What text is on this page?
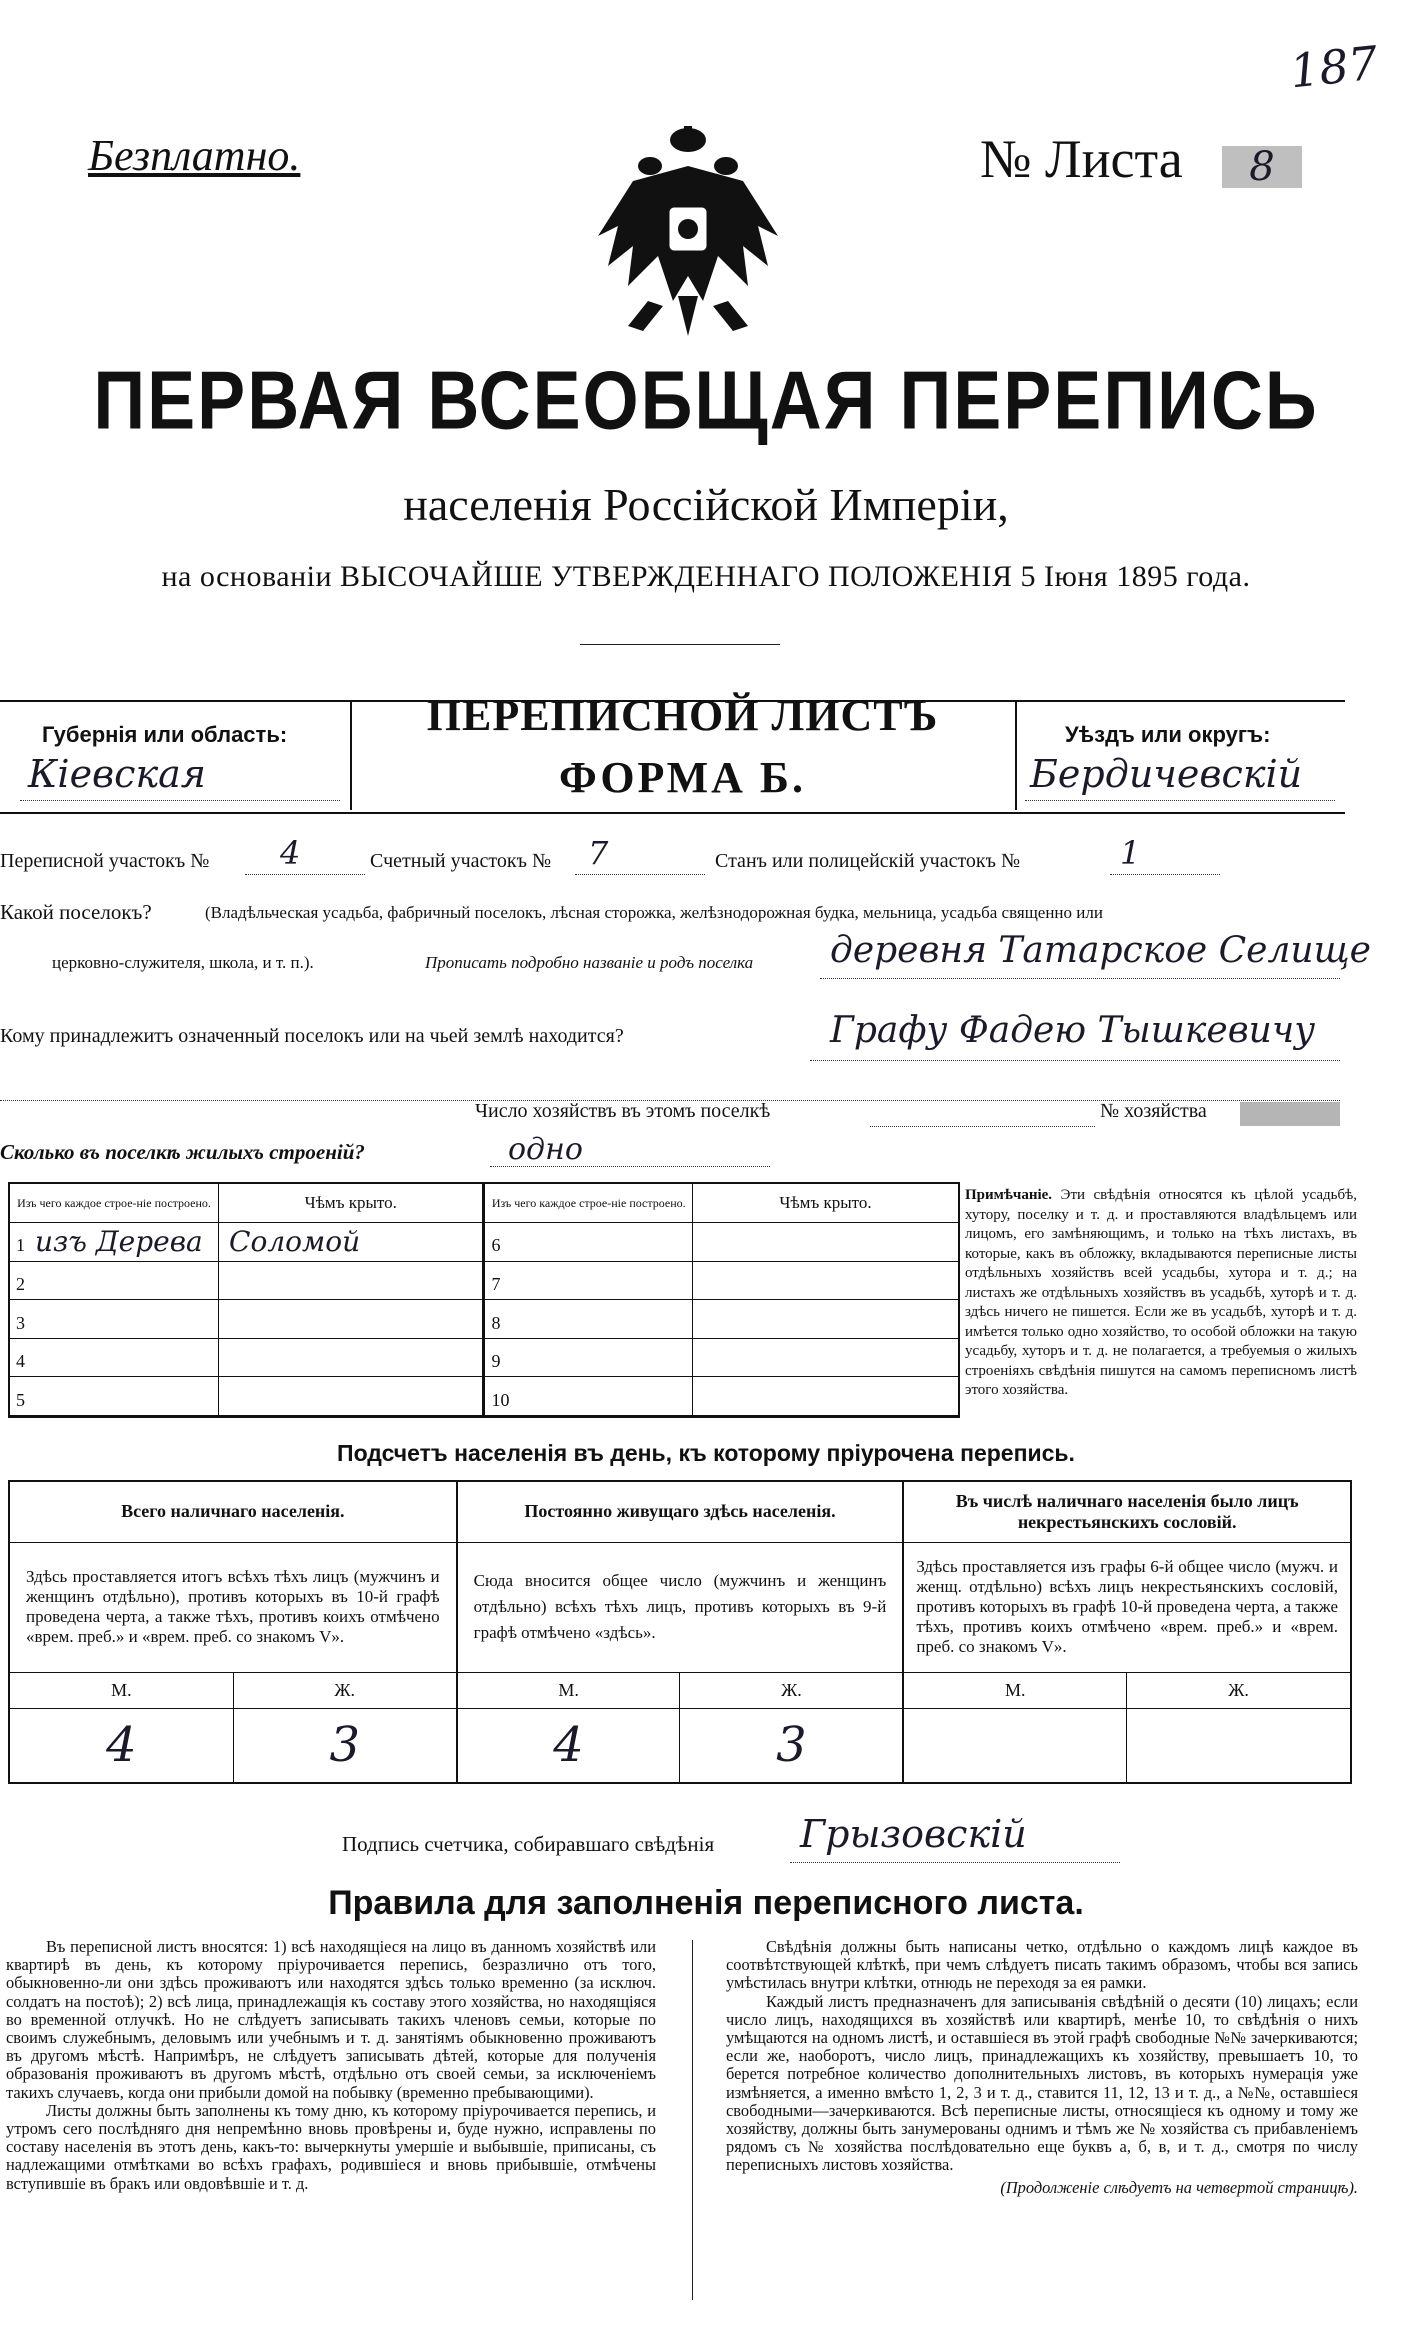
Безплатно.	№ Листа	8
187
ПЕРВАЯ ВСЕОБЩАЯ ПЕРЕПИСЬ
населенія Россійской Имперіи,
на основаніи ВЫСОЧАЙШЕ УТВЕРЖДЕННАГО ПОЛОЖЕНІЯ 5 Іюня 1895 года.
Губернія или область:
Кіевская
ПЕРЕПИСНОЙ ЛИСТЪ
ФОРМА Б.
Уѣздъ или округъ:
Бердичевскій
Переписной участокъ № 4	Счетный участокъ № 7	Станъ или полицейскій участокъ №	1
Какой поселокъ?	(Владѣльческая усадьба, фабричный поселокъ, лѣсная сторожка, желѣзнодорожная будка, мельница, усадьба священно или
церковно-служителя, школа, и т. п.).	Прописать подробно названіе и родъ поселка деревня Татарское Селище
Кому принадлежитъ означенный поселокъ или на чьей землѣ находится?	Графу Фадею Тышкевичу
Число хозяйствъ въ этомъ поселкѣ	№ хозяйства
Сколько въ поселкѣ жилыхъ строеній?	одно
Изъ чего каждое строе-ніе построено.	Чѣмъ крыто.	Изъ чего каждое строе-ніе построено.	Чѣмъ крыто.
1 изъ Дерева	Соломой	6	
2		7	
3		8	
4		9	
5		10	
Примѣчаніе. Эти свѣдѣнія относятся къ цѣлой усадьбѣ, хутору, поселку и т. д. и проставляются владѣльцемъ или лицомъ, его замѣняющимъ, и только на тѣхъ листахъ, въ которые, какъ въ обложку, вкладываются переписные листы отдѣльныхъ хозяйствъ всей усадьбы, хутора и т. д.; на листахъ же отдѣльныхъ хозяйствъ въ усадьбѣ, хуторѣ и т. д. здѣсь ничего не пишется. Если же въ усадьбѣ, хуторѣ и т. д. имѣется только одно хозяйство, то особой обложки на такую усадьбу, хуторъ и т. д. не полагается, а требуемыя о жилыхъ строеніяхъ свѣдѣнія пишутся на самомъ переписномъ листѣ этого хозяйства.
Подсчетъ населенія въ день, къ которому пріурочена перепись.
Всего наличнаго населенія.		Постоянно живущаго здѣсь населенія.		Въ числѣ наличнаго населенія было лицъ некрестьянскихъ сословій.	
Здѣсь проставляется итогъ всѣхъ тѣхъ лицъ (мужчинъ и женщинъ отдѣльно), противъ которыхъ въ 10-й графѣ проведена черта, а также тѣхъ, противъ коихъ отмѣчено «врем. преб.» и «врем. преб. со знакомъ V».		Сюда вносится общее число (мужчинъ и женщинъ отдѣльно) всѣхъ тѣхъ лицъ, противъ которыхъ въ 9-й графѣ отмѣчено «здѣсь».		Здѣсь проставляется изъ графы 6-й общее число (мужч. и женщ. отдѣльно) всѣхъ лицъ некрестьянскихъ сословій, противъ которыхъ въ графѣ 10-й проведена черта, а также тѣхъ, противъ коихъ отмѣчено «врем. преб.» и «врем. преб. со знакомъ V».	
М.	Ж.	М.	Ж.	М.	Ж.
4	3	4	3		
Подпись счетчика, собиравшаго свѣдѣнія Грызовскій
Правила для заполненія переписного листа.

Въ переписной листъ вносятся: 1) всѣ находящіеся на лицо въ данномъ хозяйствѣ или квартирѣ въ день, къ которому пріурочивается перепись, безразлично отъ того, обыкновенно-ли они здѣсь проживаютъ или находятся здѣсь только временно (за исключ. солдатъ на постоѣ); 2) всѣ лица, принадлежащія къ составу этого хозяйства, но находящіяся во временной отлучкѣ. Но не слѣдуетъ записывать такихъ членовъ семьи, которые по своимъ служебнымъ, деловымъ или учебнымъ и т. д. занятіямъ обыкновенно проживаютъ въ другомъ мѣстѣ. Напримѣръ, не слѣдуетъ записывать дѣтей, которые для полученія образованія проживаютъ въ другомъ мѣстѣ, отдѣльно отъ своей семьи, за исключеніемъ такихъ случаевъ, когда они прибыли домой на побывку (временно пребывающими).

Листы должны быть заполнены къ тому дню, къ которому пріурочивается перепись, и утромъ сего послѣдняго дня непремѣнно вновь провѣрены и, буде нужно, исправлены по составу населенія въ этотъ день, какъ-то: вычеркнуты умершіе и выбывшіе, приписаны, съ надлежащими отмѣтками во всѣхъ графахъ, родившіеся и вновь прибывшіе, отмѣчены вступившіе въ бракъ или овдовѣвшіе и т. д.

Свѣдѣнія должны быть написаны четко, отдѣльно о каждомъ лицѣ каждое въ соотвѣтствующей клѣткѣ, при чемъ слѣдуетъ писать такимъ образомъ, чтобы вся запись умѣстилась внутри клѣтки, отнюдь не переходя за ея рамки.

Каждый листъ предназначенъ для записыванія свѣдѣній о десяти (10) лицахъ; если число лицъ, находящихся въ хозяйствѣ или квартирѣ, менѣе 10, то свѣдѣнія о нихъ умѣщаются на одномъ листѣ, и оставшіеся въ этой графѣ свободные №№ зачеркиваются; если же, наоборотъ, число лицъ, принадлежащихъ къ хозяйству, превышаетъ 10, то берется потребное количество дополнительныхъ листовъ, въ которыхъ нумерація уже измѣняется, а именно вмѣсто 1, 2, 3 и т. д., ставится 11, 12, 13 и т. д., а №№, оставшіеся свободными—зачеркиваются. Всѣ переписные листы, относящіеся къ одному и тому же хозяйству, должны быть занумерованы однимъ и тѣмъ же № хозяйства съ прибавленіемъ рядомъ съ № хозяйства послѣдовательно еще буквъ а, б, в, и т. д., смотря по числу переписныхъ листовъ хозяйства.

(Продолженіе слѣдуетъ на четвертой страницѣ).
